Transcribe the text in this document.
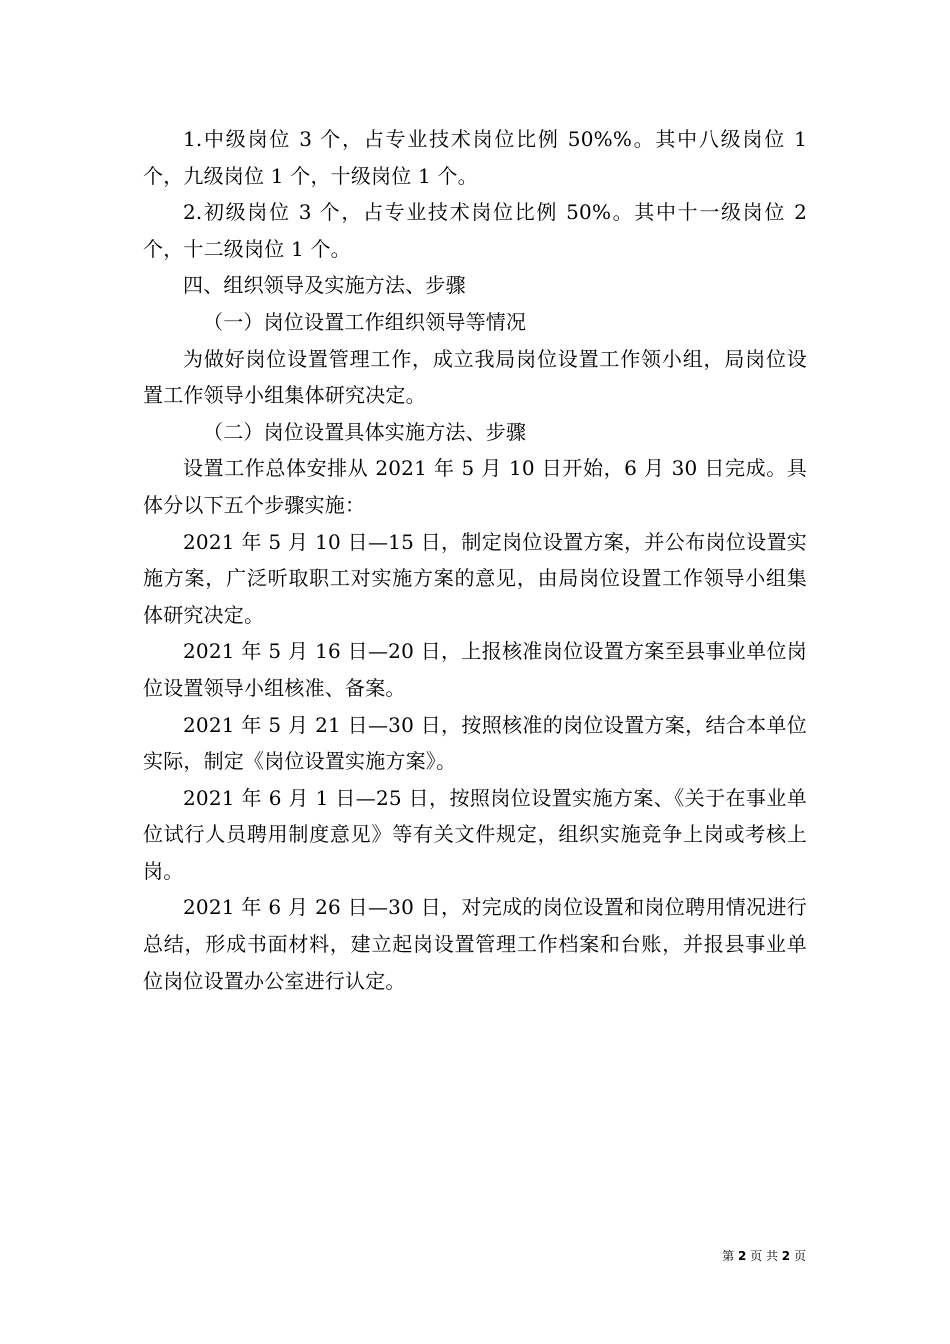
1.中级岗位 3 个，占专业技术岗位比例 50%%。其中八级岗位 1 个，九级岗位 1 个，十级岗位 1 个。

2.初级岗位 3 个，占专业技术岗位比例 50%。其中十一级岗位 2 个，十二级岗位 1 个。

四、组织领导及实施方法、步骤

（一）岗位设置工作组织领导等情况

为做好岗位设置管理工作，成立我局岗位设置工作领小组，局岗位设置工作领导小组集体研究决定。

（二）岗位设置具体实施方法、步骤

设置工作总体安排从 2021 年 5 月 10 日开始，6 月 30 日完成。具体分以下五个步骤实施：

2021 年 5 月 10 日—15 日，制定岗位设置方案，并公布岗位设置实施方案，广泛听取职工对实施方案的意见，由局岗位设置工作领导小组集体研究决定。

2021 年 5 月 16 日—20 日，上报核准岗位设置方案至县事业单位岗位设置领导小组核准、备案。

2021 年 5 月 21 日—30 日，按照核准的岗位设置方案，结合本单位实际，制定《岗位设置实施方案》。

2021 年 6 月 1 日—25 日，按照岗位设置实施方案、《关于在事业单位试行人员聘用制度意见》等有关文件规定，组织实施竞争上岗或考核上岗。

2021 年 6 月 26 日—30 日，对完成的岗位设置和岗位聘用情况进行总结，形成书面材料，建立起岗设置管理工作档案和台账，并报县事业单位岗位设置办公室进行认定。

第 2 页 共 2 页
